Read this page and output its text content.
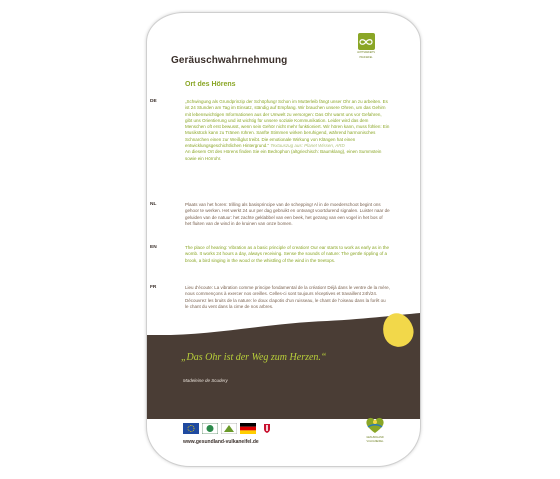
Geräuschwahrnehmung
Ort des Hörens
ACHTSAMKEITS
PFAD EIFEL
DE	„Schwingung als Grundprinzip der Schöpfung! Schon im Mutterleib fängt unser Ohr an zu arbeiten. Es ist 24 Stunden am Tag im Einsatz, ständig auf Empfang. Wir brauchen unsere Ohren, um das Gehirn mit lebenswichtigen Informationen aus der Umwelt zu versorgen: Das Ohr warnt uns vor Gefahren, gibt uns Orientierung und ist wichtig für unsere soziale Kommunikation. Leider wird das dem Menschen oft erst bewusst, wenn sein Gehör nicht mehr funktioniert. Wir hören kann, muss fühlen: Ein Musikstück kann zu Tränen rühren. Sanfte Stimmen wirken beruhigend, während harmonisches Schnarchen einen zur Weißglut treibt. Die emotionale Wirkung von Klängen hat einen entwicklungsgeschichtlichen Hintergrund.“ Textauszug aus: Planet Wissen, ARD
An diesem Ort des Hörens finden Sie ein Bedrophon (altgriechisch: Baumklang), einen Summstein sowie ein Hörrohr.
NL	Plaats van het horen: trilling als basisprincipe van de schepping! Al in de moederschoot begint ons gehoor te werken. Het werkt 24 uur per dag gebruikt en ontvangt voortdurend signalen. Luister naar de geluiden van de natuur: het zachte geklabbel van een beek, het gezang van een vogel in het bos of het fluiten van de wind in de kruinen van onze bomen.
EN	The place of hearing: Vibration as a basic principle of creation! Our ear starts to work as early as in the womb. It works 24 hours a day, always receiving. Sense the sounds of nature: The gentle rippling of a brook, a bird singing in the wood or the whistling of the wind in the treetops.
FR	Lieu d’écoute: La vibration comme principe fondamental de la création! Déjà dans le ventre de la mère, nous commençons à exercer nos oreilles. Celles-ci sont toujours réceptives et travaillent 24h/24. Découvrez les bruits de la nature: le doux clapotis d’un ruisseau, le chant de l’oiseau dans la forêt ou le chant du vent dans la cime de nos arbres.
„Das Ohr ist der Weg zum Herzen.“
Madeleine de Scudery
www.gesundland-vulkaneifel.de
GESUNDLAND
VULKANEIFEL
